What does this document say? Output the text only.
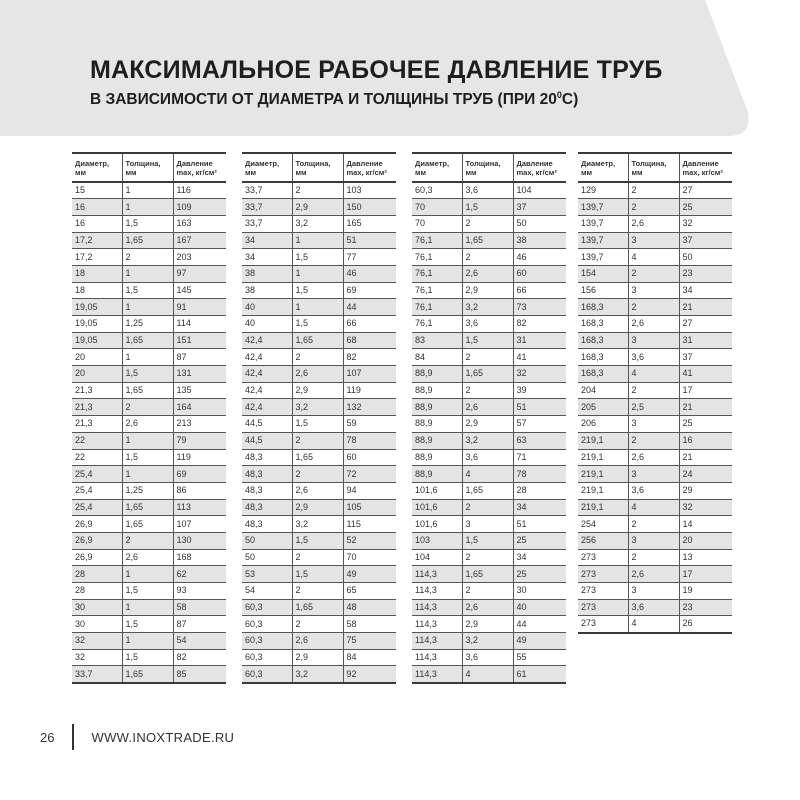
МАКСИМАЛЬНОЕ РАБОЧЕЕ ДАВЛЕНИЕ ТРУБ
В ЗАВИСИМОСТИ ОТ ДИАМЕТРА И ТОЛЩИНЫ ТРУБ (ПРИ $20^0С$)
Диаметр,
мм	Толщина,
мм	Давление
max, кг/см²
15	1	116
16	1	109
16	1,5	163
17,2	1,65	167
17,2	2	203
18	1	97
18	1,5	145
19,05	1	91
19,05	1,25	114
19,05	1,65	151
20	1	87
20	1,5	131
21,3	1,65	135
21,3	2	164
21,3	2,6	213
22	1	79
22	1,5	119
25,4	1	69
25,4	1,25	86
25,4	1,65	113
26,9	1,65	107
26,9	2	130
26,9	2,6	168
28	1	62
28	1,5	93
30	1	58
30	1,5	87
32	1	54
32	1,5	82
33,7	1,65	85
Диаметр,
мм	Толщина,
мм	Давление
max, кг/см²
33,7	2	103
33,7	2,9	150
33,7	3,2	165
34	1	51
34	1,5	77
38	1	46
38	1,5	69
40	1	44
40	1,5	66
42,4	1,65	68
42,4	2	82
42,4	2,6	107
42,4	2,9	119
42,4	3,2	132
44,5	1,5	59
44,5	2	78
48,3	1,65	60
48,3	2	72
48,3	2,6	94
48,3	2,9	105
48,3	3,2	115
50	1,5	52
50	2	70
53	1,5	49
54	2	65
60,3	1,65	48
60,3	2	58
60,3	2,6	75
60,3	2,9	84
60,3	3,2	92
Диаметр,
мм	Толщина,
мм	Давление
max, кг/см²
60,3	3,6	104
70	1,5	37
70	2	50
76,1	1,65	38
76,1	2	46
76,1	2,6	60
76,1	2,9	66
76,1	3,2	73
76,1	3,6	82
83	1,5	31
84	2	41
88,9	1,65	32
88,9	2	39
88,9	2,6	51
88,9	2,9	57
88,9	3,2	63
88,9	3,6	71
88,9	4	78
101,6	1,65	28
101,6	2	34
101,6	3	51
103	1,5	25
104	2	34
114,3	1,65	25
114,3	2	30
114,3	2,6	40
114,3	2,9	44
114,3	3,2	49
114,3	3,6	55
114,3	4	61
Диаметр,
мм	Толщина,
мм	Давление
max, кг/см²
129	2	27
139,7	2	25
139,7	2,6	32
139,7	3	37
139,7	4	50
154	2	23
156	3	34
168,3	2	21
168,3	2,6	27
168,3	3	31
168,3	3,6	37
168,3	4	41
204	2	17
205	2,5	21
206	3	25
219,1	2	16
219,1	2,6	21
219,1	3	24
219,1	3,6	29
219,1	4	32
254	2	14
256	3	20
273	2	13
273	2,6	17
273	3	19
273	3,6	23
273	4	26
26	WWW.INOXTRADE.RU
